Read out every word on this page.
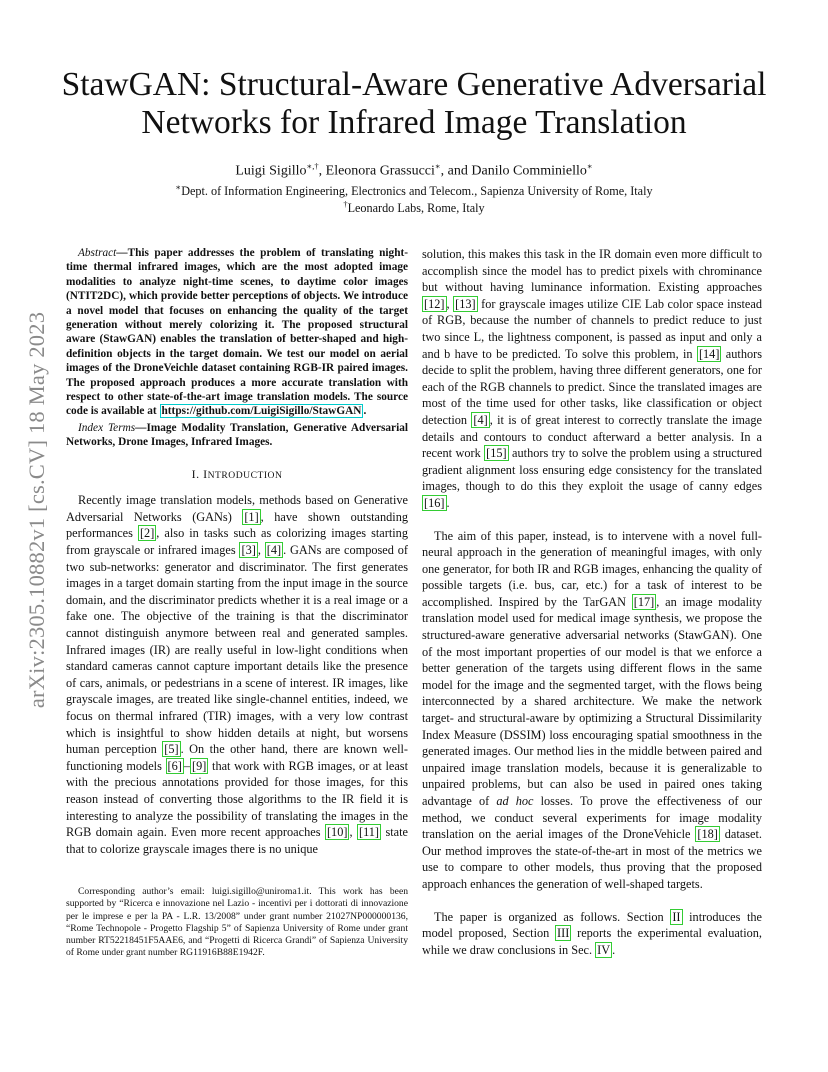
arXiv:2305.10882v1 [cs.CV] 18 May 2023
StawGAN: Structural-Aware Generative Adversarial Networks for Infrared Image Translation
Luigi Sigillo∗,†, Eleonora Grassucci∗, and Danilo Comminiello∗
∗Dept. of Information Engineering, Electronics and Telecom., Sapienza University of Rome, Italy
†Leonardo Labs, Rome, Italy

Abstract—This paper addresses the problem of translating night-time thermal infrared images, which are the most adopted image modalities to analyze night-time scenes, to daytime color images (NTIT2DC), which provide better perceptions of objects. We introduce a novel model that focuses on enhancing the quality of the target generation without merely colorizing it. The proposed structural aware (StawGAN) enables the translation of better-shaped and high-definition objects in the target domain. We test our model on aerial images of the DroneVeichle dataset containing RGB-IR paired images. The proposed approach produces a more accurate translation with respect to other state-of-the-art image translation models. The source code is available at https://github.com/LuigiSigillo/StawGAN .

Index Terms—Image Modality Translation, Generative Adversarial Networks, Drone Images, Infrared Images.

I. INTRODUCTION

Recently image translation models, methods based on Generative Adversarial Networks (GANs) [1] , have shown outstanding performances [2] , also in tasks such as colorizing images starting from grayscale or infrared images [3] , [4] . GANs are composed of two sub-networks: generator and discriminator. The first generates images in a target domain starting from the input image in the source domain, and the discriminator predicts whether it is a real image or a fake one. The objective of the training is that the discriminator cannot distinguish anymore between real and generated samples. Infrared images (IR) are really useful in low-light conditions when standard cameras cannot capture important details like the presence of cars, animals, or pedestrians in a scene of interest. IR images, like grayscale images, are treated like single-channel entities, indeed, we focus on thermal infrared (TIR) images, with a very low contrast which is insightful to show hidden details at night, but worsens human perception [5] . On the other hand, there are known well-functioning models [6] – [9] that work with RGB images, or at least with the precious annotations provided for those images, for this reason instead of converting those algorithms to the IR field it is interesting to analyze the possibility of translating the images in the RGB domain again. Even more recent approaches [10] , [11] state that to colorize grayscale images there is no unique

solution, this makes this task in the IR domain even more difficult to accomplish since the model has to predict pixels with chrominance but without having luminance information. Existing approaches [12] , [13] for grayscale images utilize CIE Lab color space instead of RGB, because the number of channels to predict reduce to just two since L, the lightness component, is passed as input and only a and b have to be predicted. To solve this problem, in [14] authors decide to split the problem, having three different generators, one for each of the RGB channels to predict. Since the translated images are most of the time used for other tasks, like classification or object detection [4] , it is of great interest to correctly translate the image details and contours to conduct afterward a better analysis. In a recent work [15] authors try to solve the problem using a structured gradient alignment loss ensuring edge consistency for the translated images, though to do this they exploit the usage of canny edges [16] .

The aim of this paper, instead, is to intervene with a novel full-neural approach in the generation of meaningful images, with only one generator, for both IR and RGB images, enhancing the quality of possible targets (i.e. bus, car, etc.) for a task of interest to be accomplished. Inspired by the TarGAN [17] , an image modality translation model used for medical image synthesis, we propose the structured-aware generative adversarial networks (StawGAN). One of the most important properties of our model is that we enforce a better generation of the targets using different flows in the same model for the image and the segmented target, with the flows being interconnected by a shared architecture. We make the network target- and structural-aware by optimizing a Structural Dissimilarity Index Measure (DSSIM) loss encouraging spatial smoothness in the generated images. Our method lies in the middle between paired and unpaired image translation models, because it is generalizable to unpaired problems, but can also be used in paired ones taking advantage of ad hoc losses. To prove the effectiveness of our method, we conduct several experiments for image modality translation on the aerial images of the DroneVehicle [18] dataset. Our method improves the state-of-the-art in most of the metrics we use to compare to other models, thus proving that the proposed approach enhances the generation of well-shaped targets.

The paper is organized as follows. Section II introduces the model proposed, Section III reports the experimental evaluation, while we draw conclusions in Sec. IV .

Corresponding author’s email: luigi.sigillo@uniroma1.it. This work has been supported by “Ricerca e innovazione nel Lazio - incentivi per i dottorati di innovazione per le imprese e per la PA - L.R. 13/2008” under grant number 21027NP000000136, “Rome Technopole - Progetto Flagship 5” of Sapienza University of Rome under grant number RT52218451F5AAE6, and “Progetti di Ricerca Grandi” of Sapienza University of Rome under grant number RG11916B88E1942F.
